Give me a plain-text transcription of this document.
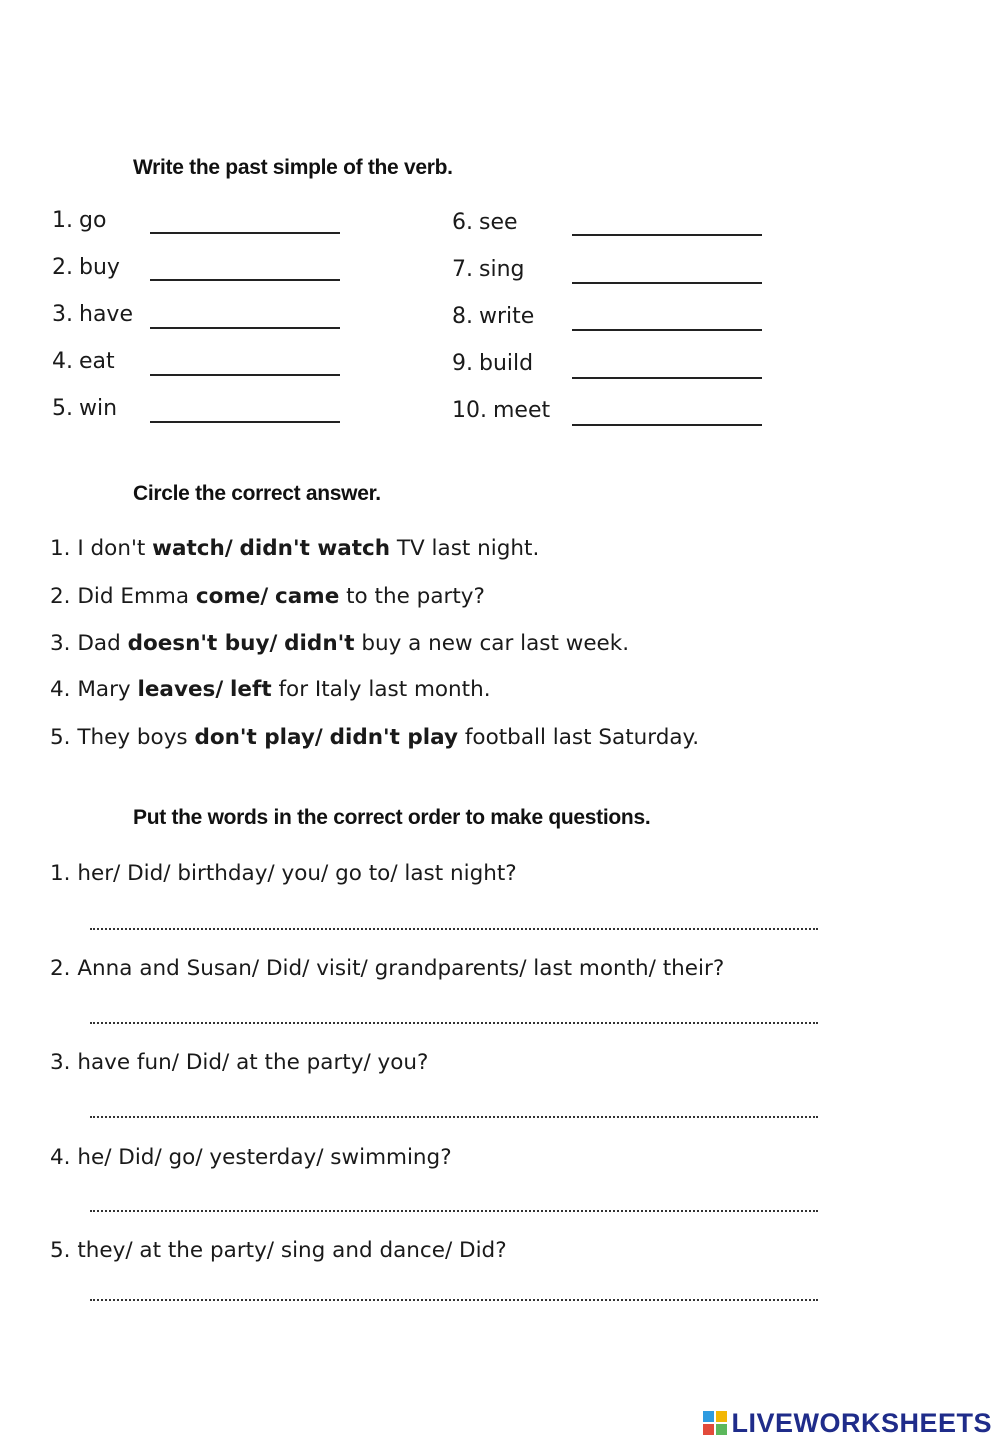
Write the past simple of the verb.
1. go
2. buy
3. have
4. eat
5. win
6. see
7. sing
8. write
9. build
10. meet
Circle the correct answer.
1. I don't watch/ didn't watch TV last night.
2. Did Emma come/ came to the party?
3. Dad doesn't buy/ didn't buy a new car last week.
4. Mary leaves/ left for Italy last month.
5. They boys don't play/ didn't play football last Saturday.
Put the words in the correct order to make questions.
1. her/ Did/ birthday/ you/ go to/ last night?
2. Anna and Susan/ Did/ visit/ grandparents/ last month/ their?
3. have fun/ Did/ at the party/ you?
4. he/ Did/ go/ yesterday/ swimming?
5. they/ at the party/ sing and dance/ Did?
LIVEWORKSHEETS
